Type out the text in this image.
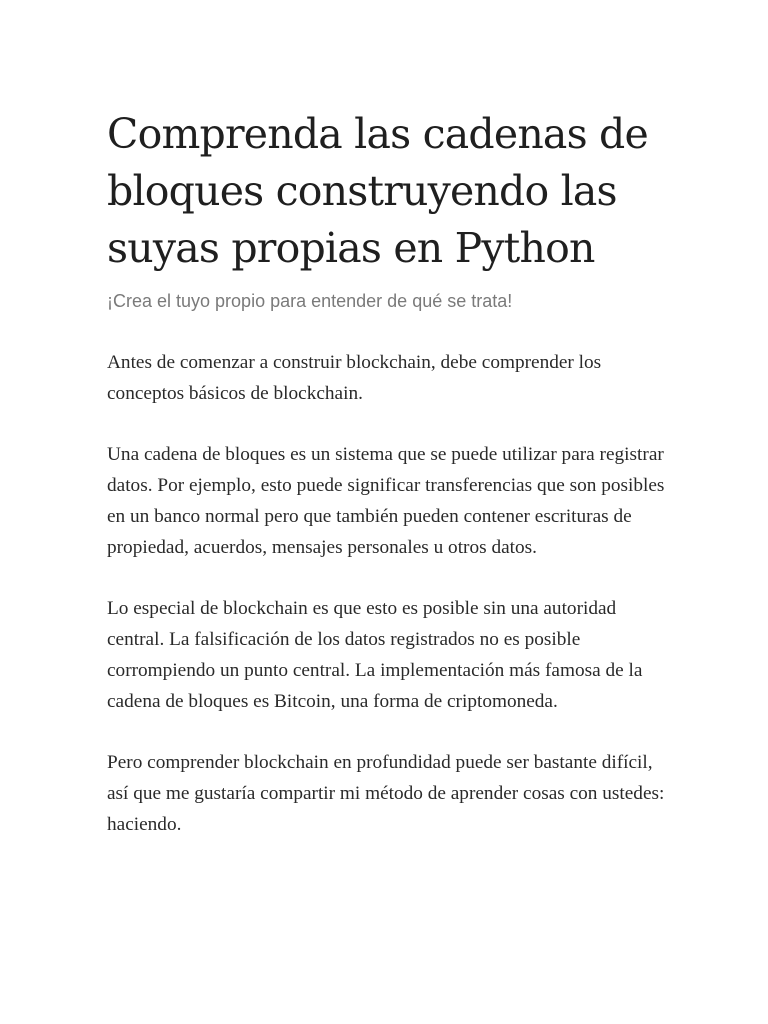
Comprenda las cadenas de bloques construyendo las suyas propias en Python

¡Crea el tuyo propio para entender de qué se trata!

Antes de comenzar a construir blockchain, debe comprender los conceptos básicos de blockchain.

Una cadena de bloques es un sistema que se puede utilizar para registrar datos. Por ejemplo, esto puede significar transferencias que son posibles en un banco normal pero que también pueden contener escrituras de propiedad, acuerdos, mensajes personales u otros datos.

Lo especial de blockchain es que esto es posible sin una autoridad central. La falsificación de los datos registrados no es posible corrompiendo un punto central. La implementación más famosa de la cadena de bloques es Bitcoin, una forma de criptomoneda.

Pero comprender blockchain en profundidad puede ser bastante difícil, así que me gustaría compartir mi método de aprender cosas con ustedes: haciendo.
